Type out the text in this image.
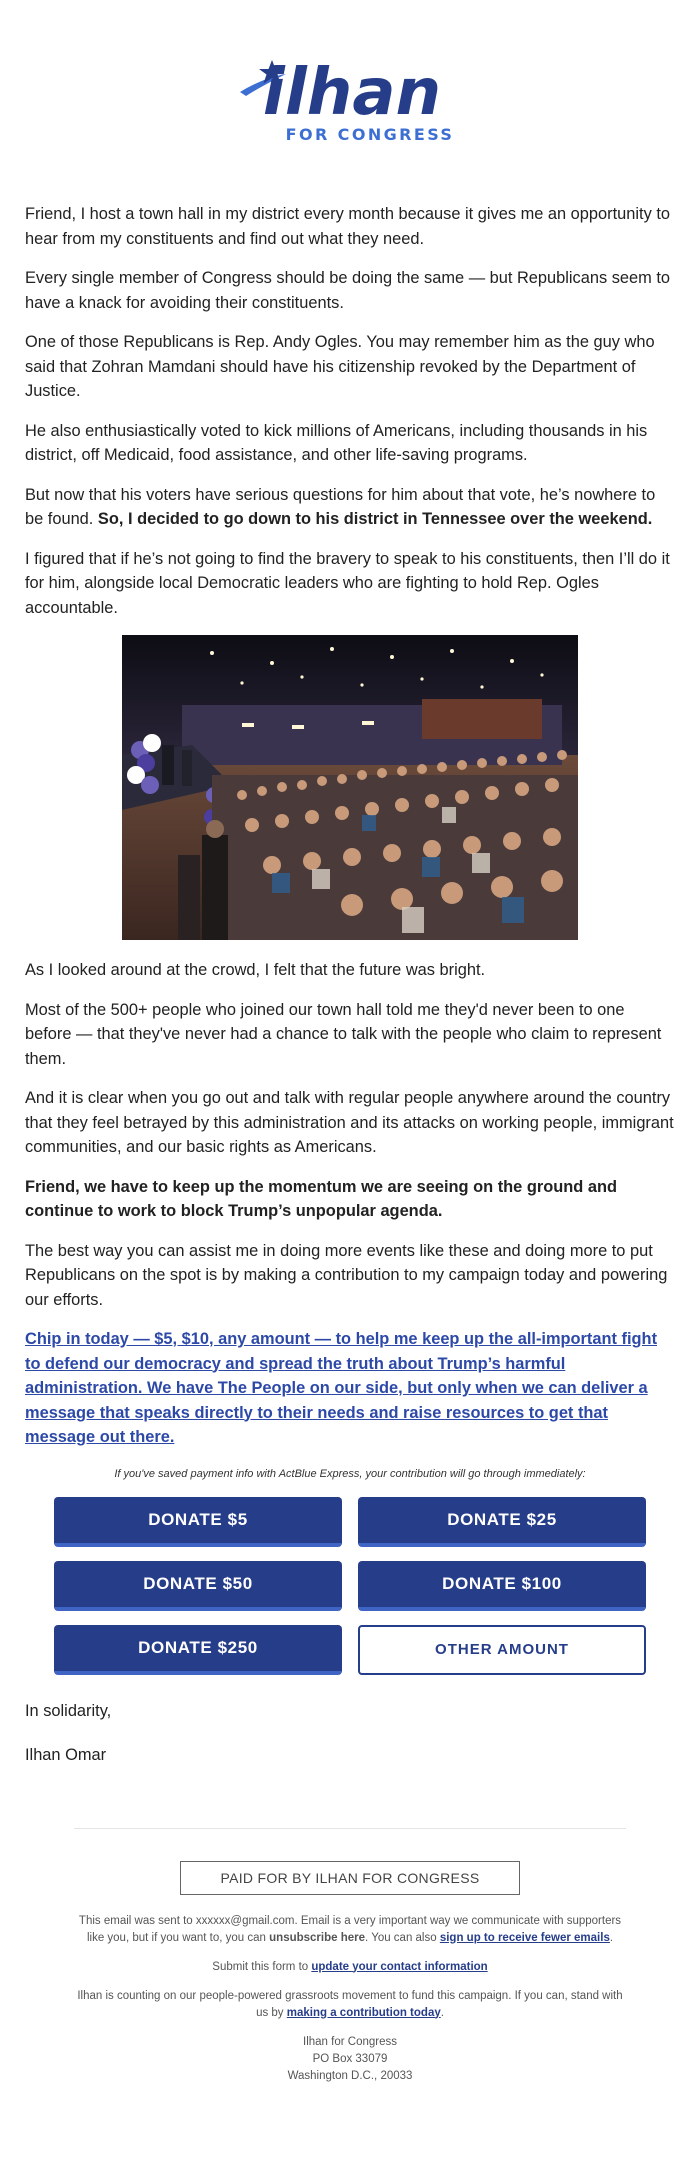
ilhan
FOR CONGRESS

Friend, I host a town hall in my district every month because it gives me an opportunity to hear from my constituents and find out what they need.

Every single member of Congress should be doing the same — but Republicans seem to have a knack for avoiding their constituents.

One of those Republicans is Rep. Andy Ogles. You may remember him as the guy who said that Zohran Mamdani should have his citizenship revoked by the Department of Justice.

He also enthusiastically voted to kick millions of Americans, including thousands in his district, off Medicaid, food assistance, and other life-saving programs.

But now that his voters have serious questions for him about that vote, he’s nowhere to be found. So, I decided to go down to his district in Tennessee over the weekend.

I figured that if he’s not going to find the bravery to speak to his constituents, then I’ll do it for him, alongside local Democratic leaders who are fighting to hold Rep. Ogles accountable.

As I looked around at the crowd, I felt that the future was bright.

Most of the 500+ people who joined our town hall told me they'd never been to one before — that they've never had a chance to talk with the people who claim to represent them.

And it is clear when you go out and talk with regular people anywhere around the country that they feel betrayed by this administration and its attacks on working people, immigrant communities, and our basic rights as Americans.

Friend, we have to keep up the momentum we are seeing on the ground and continue to work to block Trump’s unpopular agenda.

The best way you can assist me in doing more events like these and doing more to put Republicans on the spot is by making a contribution to my campaign today and powering our efforts.

Chip in today — $5, $10, any amount — to help me keep up the all-important fight to defend our democracy and spread the truth about Trump’s harmful administration. We have The People on our side, but only when we can deliver a message that speaks directly to their needs and raise resources to get that message out there.

If you've saved payment info with ActBlue Express, your contribution will go through immediately:

DONATE $5	DONATE $25
DONATE $50	DONATE $100
DONATE $250	OTHER AMOUNT

In solidarity,

Ilhan Omar

PAID FOR BY ILHAN FOR CONGRESS

This email was sent to xxxxxx@gmail.com. Email is a very important way we communicate with supporters like you, but if you want to, you can unsubscribe here. You can also sign up to receive fewer emails.

Submit this form to update your contact information

Ilhan is counting on our people-powered grassroots movement to fund this campaign. If you can, stand with us by making a contribution today.

Ilhan for Congress
PO Box 33079
Washington D.C., 20033
